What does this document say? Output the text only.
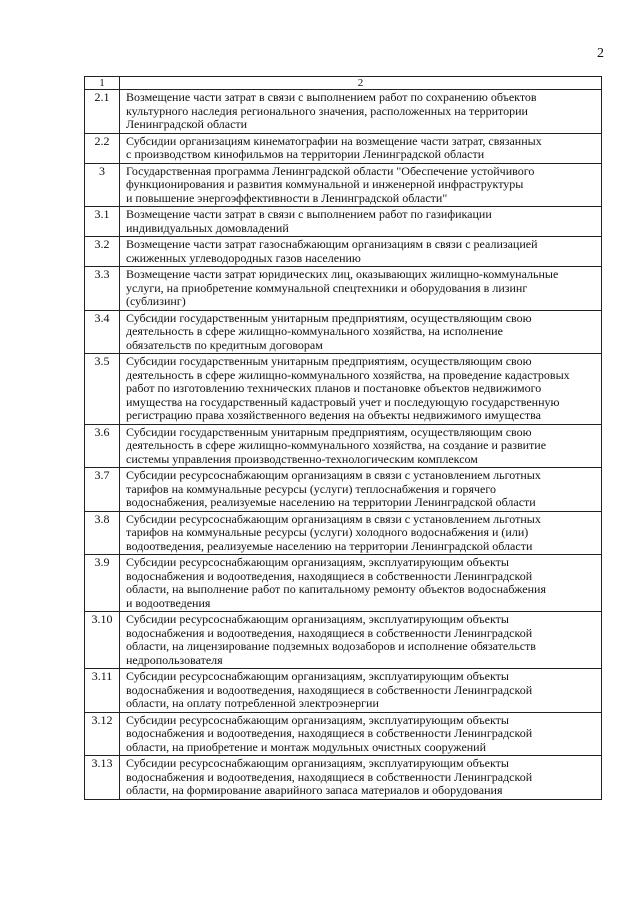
2
1	2
2.1	Возмещение части затрат в связи с выполнением работ по сохранению объектов
культурного наследия регионального значения, расположенных на территории
Ленинградской области

2.2	Субсидии организациям кинематографии на возмещение части затрат, связанных
с производством кинофильмов на территории Ленинградской области

3	Государственная программа Ленинградской области "Обеспечение устойчивого
функционирования и развития коммунальной и инженерной инфраструктуры
и повышение энергоэффективности в Ленинградской области"

3.1	Возмещение части затрат в связи с выполнением работ по газификации
индивидуальных домовладений

3.2	Возмещение части затрат газоснабжающим организациям в связи с реализацией
сжиженных углеводородных газов населению

3.3	Возмещение части затрат юридических лиц, оказывающих жилищно-коммунальные
услуги, на приобретение коммунальной спецтехники и оборудования в лизинг
(сублизинг)

3.4	Субсидии государственным унитарным предприятиям, осуществляющим свою
деятельность в сфере жилищно-коммунального хозяйства, на исполнение
обязательств по кредитным договорам

3.5	Субсидии государственным унитарным предприятиям, осуществляющим свою
деятельность в сфере жилищно-коммунального хозяйства, на проведение кадастровых
работ по изготовлению технических планов и постановке объектов недвижимого
имущества на государственный кадастровый учет и последующую государственную
регистрацию права хозяйственного ведения на объекты недвижимого имущества

3.6	Субсидии государственным унитарным предприятиям, осуществляющим свою
деятельность в сфере жилищно-коммунального хозяйства, на создание и развитие
системы управления производственно-технологическим комплексом

3.7	Субсидии ресурсоснабжающим организациям в связи с установлением льготных
тарифов на коммунальные ресурсы (услуги) теплоснабжения и горячего
водоснабжения, реализуемые населению на территории Ленинградской области

3.8	Субсидии ресурсоснабжающим организациям в связи с установлением льготных
тарифов на коммунальные ресурсы (услуги) холодного водоснабжения и (или)
водоотведения, реализуемые населению на территории Ленинградской области

3.9	Субсидии ресурсоснабжающим организациям, эксплуатирующим объекты
водоснабжения и водоотведения, находящиеся в собственности Ленинградской
области, на выполнение работ по капитальному ремонту объектов водоснабжения
и водоотведения

3.10	Субсидии ресурсоснабжающим организациям, эксплуатирующим объекты
водоснабжения и водоотведения, находящиеся в собственности Ленинградской
области, на лицензирование подземных водозаборов и исполнение обязательств
недропользователя

3.11	Субсидии ресурсоснабжающим организациям, эксплуатирующим объекты
водоснабжения и водоотведения, находящиеся в собственности Ленинградской
области, на оплату потребленной электроэнергии

3.12	Субсидии ресурсоснабжающим организациям, эксплуатирующим объекты
водоснабжения и водоотведения, находящиеся в собственности Ленинградской
области, на приобретение и монтаж модульных очистных сооружений

3.13	Субсидии ресурсоснабжающим организациям, эксплуатирующим объекты
водоснабжения и водоотведения, находящиеся в собственности Ленинградской
области, на формирование аварийного запаса материалов и оборудования
